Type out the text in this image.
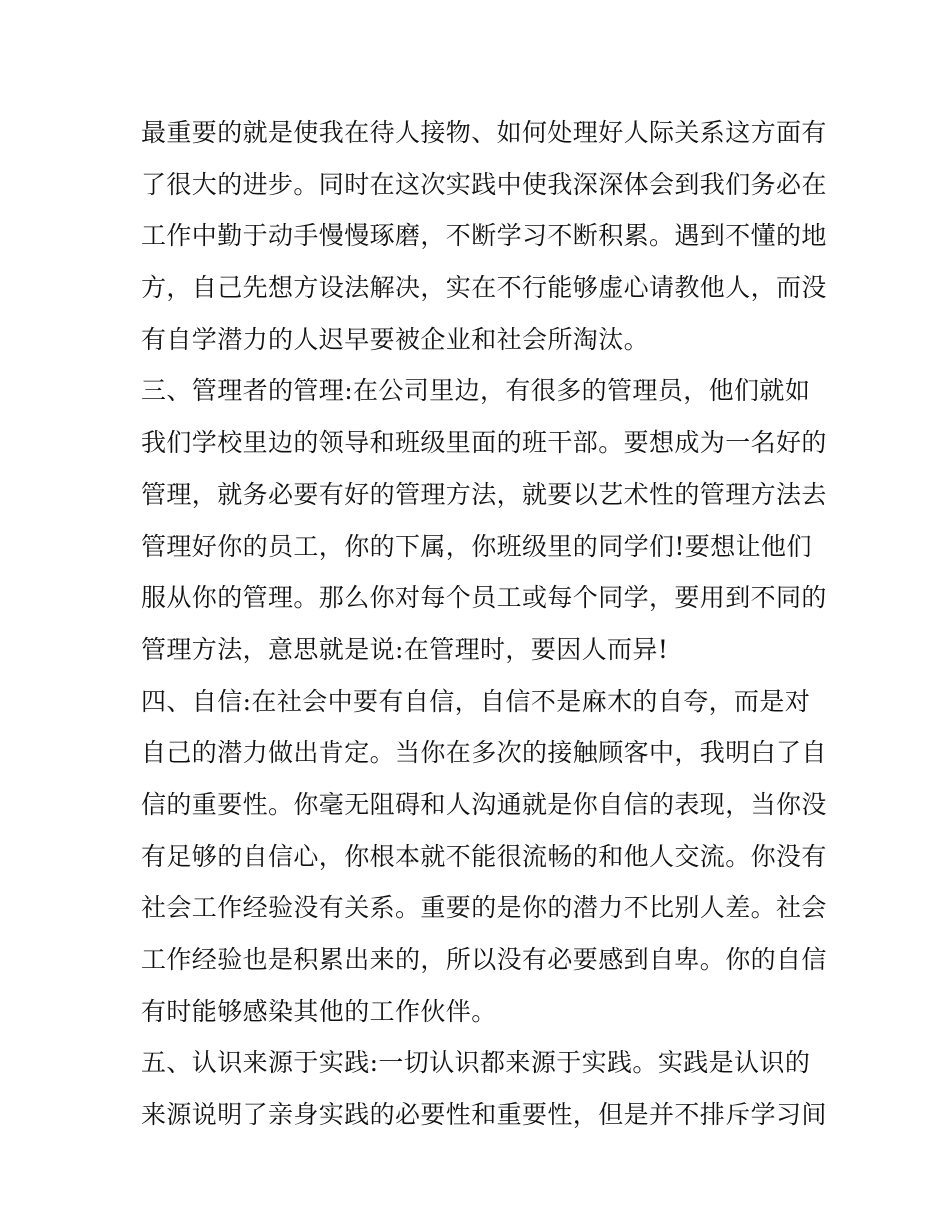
最重要的就是使我在待人接物、如何处理好人际关系这方面有
了很大的进步。同时在这次实践中使我深深体会到我们务必在
工作中勤于动手慢慢琢磨，不断学习不断积累。遇到不懂的地
方，自己先想方设法解决，实在不行能够虚心请教他人，而没
有自学潜力的人迟早要被企业和社会所淘汰。
三、管理者的管理:在公司里边，有很多的管理员，他们就如
我们学校里边的领导和班级里面的班干部。要想成为一名好的
管理，就务必要有好的管理方法，就要以艺术性的管理方法去
管理好你的员工，你的下属，你班级里的同学们!要想让他们
服从你的管理。那么你对每个员工或每个同学，要用到不同的
管理方法，意思就是说:在管理时，要因人而异!
四、自信:在社会中要有自信，自信不是麻木的自夸，而是对
自己的潜力做出肯定。当你在多次的接触顾客中，我明白了自
信的重要性。你毫无阻碍和人沟通就是你自信的表现，当你没
有足够的自信心，你根本就不能很流畅的和他人交流。你没有
社会工作经验没有关系。重要的是你的潜力不比别人差。社会
工作经验也是积累出来的，所以没有必要感到自卑。你的自信
有时能够感染其他的工作伙伴。
五、认识来源于实践:一切认识都来源于实践。实践是认识的
来源说明了亲身实践的必要性和重要性，但是并不排斥学习间
